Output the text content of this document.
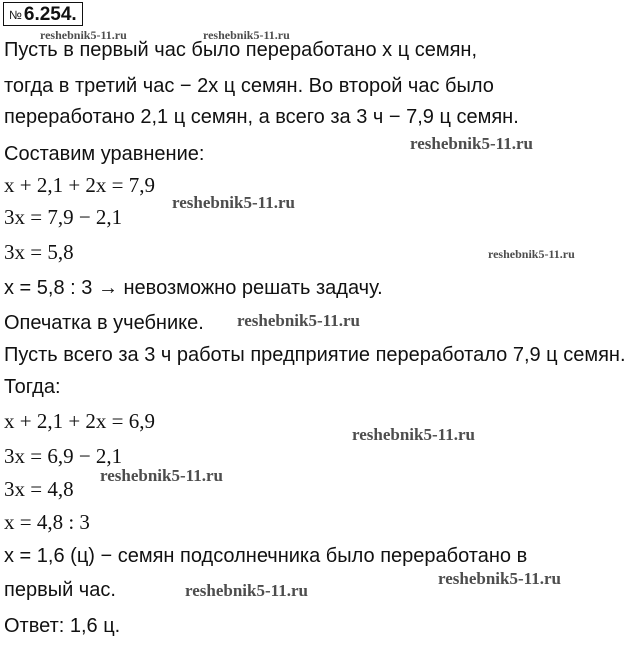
№ 6.254.
Пусть в первый час было переработано x ц семян,
тогда в третий час − 2x ц семян. Во второй час было
переработано 2,1 ц семян, а всего за 3 ч − 7,9 ц семян.
Составим уравнение:
x + 2,1 + 2x = 7,9
3x = 7,9 − 2,1
3x = 5,8
x = 5,8 : 3 → невозможно решать задачу.
Опечатка в учебнике.
Пусть всего за 3 ч работы предприятие переработало 7,9 ц семян.
Тогда:
x + 2,1 + 2x = 6,9
3x = 6,9 − 2,1
3x = 4,8
x = 4,8 : 3
x = 1,6 (ц) − семян подсолнечника было переработано в
первый час.
Ответ: 1,6 ц.
reshebnik5-11.ru	reshebnik5-11.ru
reshebnik5-11.ru
reshebnik5-11.ru
reshebnik5-11.ru
reshebnik5-11.ru
reshebnik5-11.ru
reshebnik5-11.ru
reshebnik5-11.ru
reshebnik5-11.ru
